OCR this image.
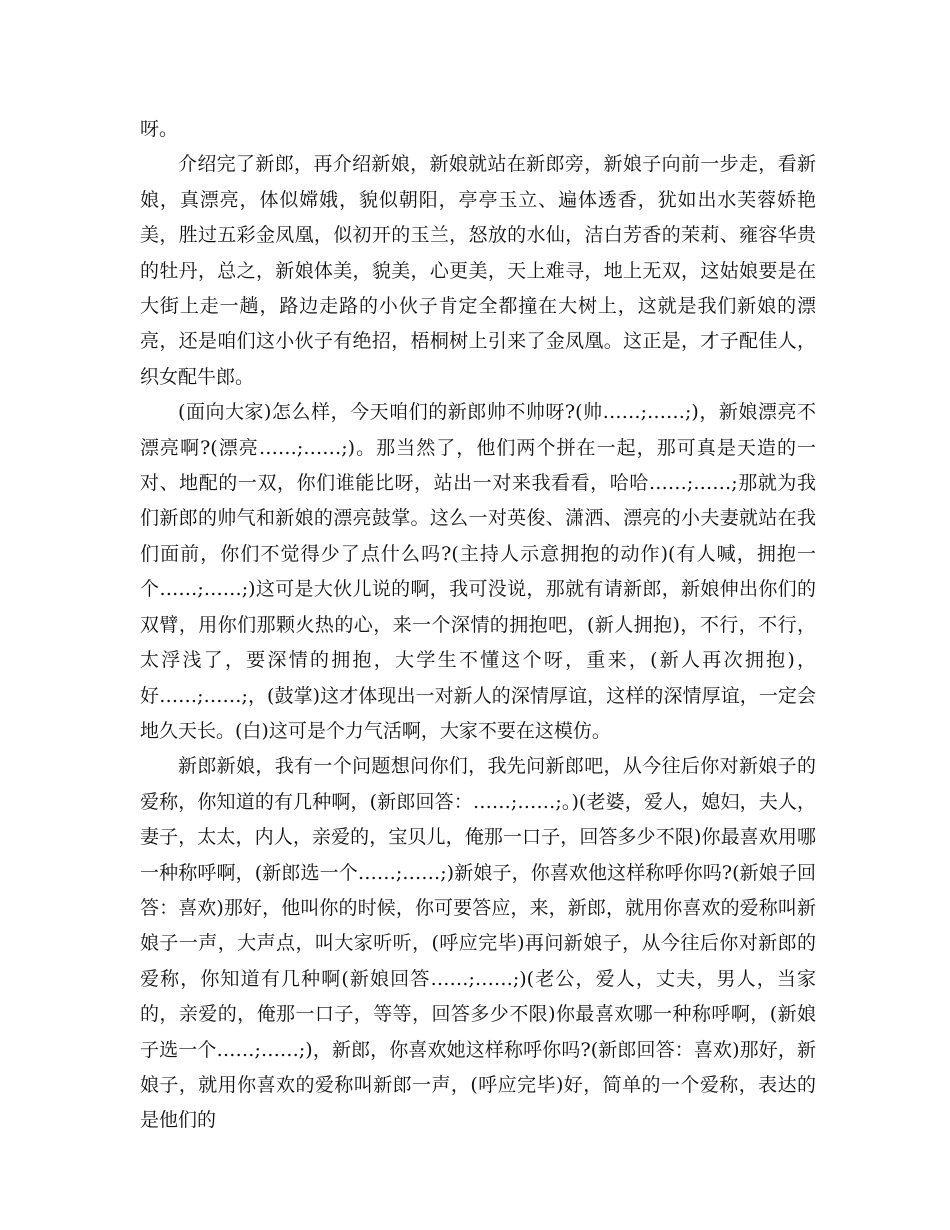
呀。

介绍完了新郎，再介绍新娘，新娘就站在新郎旁，新娘子向前一步走，看新娘，真漂亮，体似嫦娥，貌似朝阳，亭亭玉立、遍体透香，犹如出水芙蓉娇艳美，胜过五彩金凤凰，似初开的玉兰，怒放的水仙，洁白芳香的茉莉、雍容华贵的牡丹，总之，新娘体美，貌美，心更美，天上难寻，地上无双，这姑娘要是在大街上走一趟，路边走路的小伙子肯定全都撞在大树上，这就是我们新娘的漂亮，还是咱们这小伙子有绝招，梧桐树上引来了金凤凰。这正是，才子配佳人，织女配牛郎。

(面向大家)怎么样，今天咱们的新郎帅不帅呀?(帅……;……;)，新娘漂亮不漂亮啊?(漂亮……;……;)。那当然了，他们两个拼在一起，那可真是天造的一对、地配的一双，你们谁能比呀，站出一对来我看看，哈哈……;……;那就为我们新郎的帅气和新娘的漂亮鼓掌。这么一对英俊、潇洒、漂亮的小夫妻就站在我们面前，你们不觉得少了点什么吗?(主持人示意拥抱的动作)(有人喊，拥抱一个……;……;)这可是大伙儿说的啊，我可没说，那就有请新郎，新娘伸出你们的双臂，用你们那颗火热的心，来一个深情的拥抱吧，(新人拥抱)，不行，不行，太浮浅了，要深情的拥抱，大学生不懂这个呀，重来，(新人再次拥抱)，好……;……;，(鼓掌)这才体现出一对新人的深情厚谊，这样的深情厚谊，一定会地久天长。(白)这可是个力气活啊，大家不要在这模仿。

新郎新娘，我有一个问题想问你们，我先问新郎吧，从今往后你对新娘子的爱称，你知道的有几种啊，(新郎回答：……;……;。)(老婆，爱人，媳妇，夫人，妻子，太太，内人，亲爱的，宝贝儿，俺那一口子，回答多少不限)你最喜欢用哪一种称呼啊，(新郎选一个……;……;)新娘子，你喜欢他这样称呼你吗?(新娘子回答：喜欢)那好，他叫你的时候，你可要答应，来，新郎，就用你喜欢的爱称叫新娘子一声，大声点，叫大家听听，(呼应完毕)再问新娘子，从今往后你对新郎的爱称，你知道有几种啊(新娘回答……;……;)(老公，爱人，丈夫，男人，当家的，亲爱的，俺那一口子，等等，回答多少不限)你最喜欢哪一种称呼啊，(新娘子选一个……;……;)，新郎，你喜欢她这样称呼你吗?(新郎回答：喜欢)那好，新娘子，就用你喜欢的爱称叫新郎一声，(呼应完毕)好，简单的一个爱称，表达的是他们的
